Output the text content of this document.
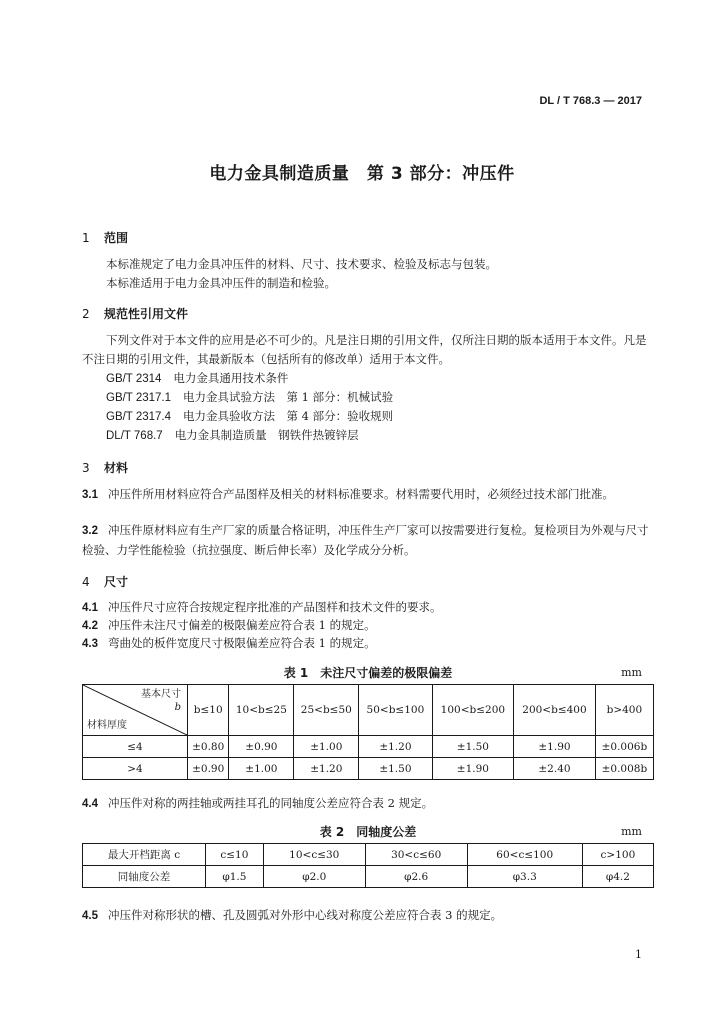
DL / T 768.3 — 2017
电力金具制造质量　第 3 部分：冲压件
1 范围
本标准规定了电力金具冲压件的材料、尺寸、技术要求、检验及标志与包装。
本标准适用于电力金具冲压件的制造和检验。
2 规范性引用文件
下列文件对于本文件的应用是必不可少的。凡是注日期的引用文件，仅所注日期的版本适用于本文件。凡是不注日期的引用文件，其最新版本（包括所有的修改单）适用于本文件。
GB/T 2314 电力金具通用技术条件
GB/T 2317.1 电力金具试验方法　第 1 部分：机械试验
GB/T 2317.4 电力金具验收方法　第 4 部分：验收规则
DL/T 768.7 电力金具制造质量　钢铁件热镀锌层
3 材料
3.1 冲压件所用材料应符合产品图样及相关的材料标准要求。材料需要代用时，必须经过技术部门批准。
3.2 冲压件原材料应有生产厂家的质量合格证明，冲压件生产厂家可以按需要进行复检。复检项目为外观与尺寸检验、力学性能检验（抗拉强度、断后伸长率）及化学成分分析。
4 尺寸
4.1 冲压件尺寸应符合按规定程序批准的产品图样和技术文件的要求。
4.2 冲压件未注尺寸偏差的极限偏差应符合表 1 的规定。
4.3 弯曲处的板件宽度尺寸极限偏差应符合表 1 的规定。
表 1　未注尺寸偏差的极限偏差	mm
基本尺寸
b
材料厚度	b≤10	10<b≤25	25<b≤50	50<b≤100	100<b≤200	200<b≤400	b>400
≤4	±0.80	±0.90	±1.00	±1.20	±1.50	±1.90	±0.006b
>4	±0.90	±1.00	±1.20	±1.50	±1.90	±2.40	±0.008b
4.4 冲压件对称的两挂轴或两挂耳孔的同轴度公差应符合表 2 规定。
表 2　同轴度公差	mm
最大开档距离 c	c≤10	10<c≤30	30<c≤60	60<c≤100	c>100
同轴度公差	φ1.5	φ2.0	φ2.6	φ3.3	φ4.2
4.5 冲压件对称形状的槽、孔及圆弧对外形中心线对称度公差应符合表 3 的规定。
1
